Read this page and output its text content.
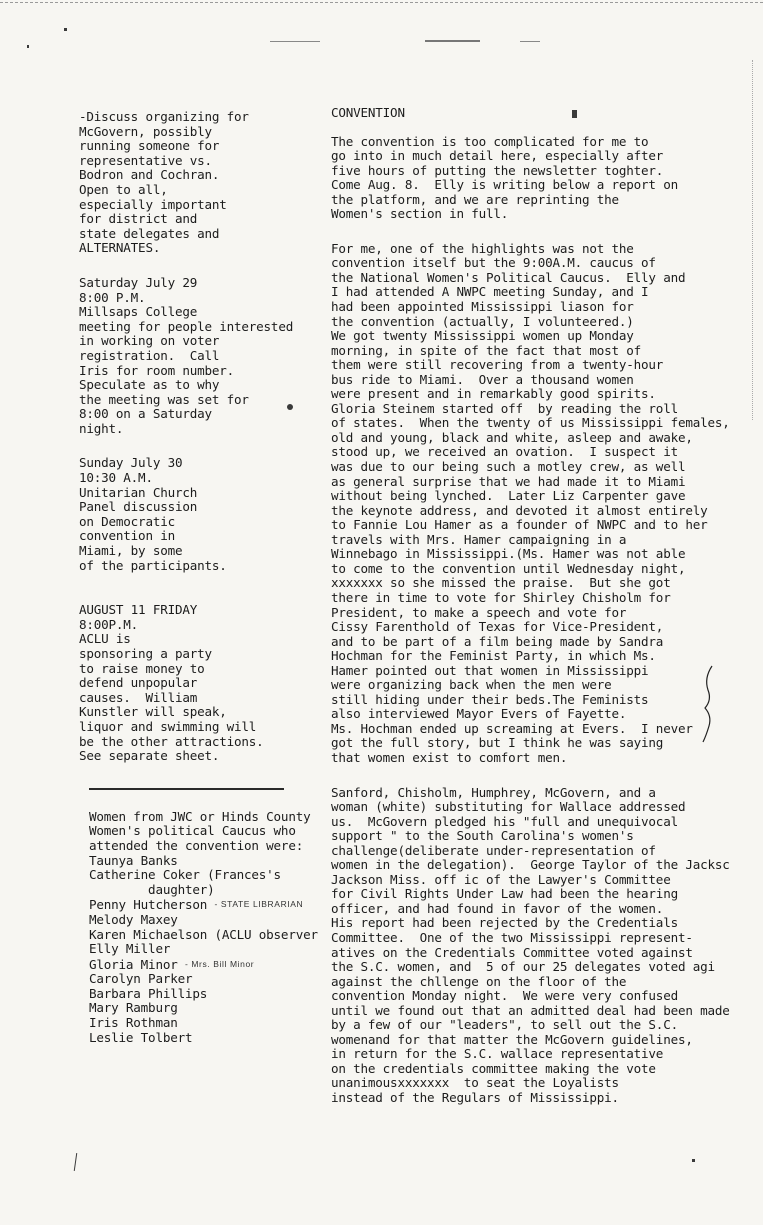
-Discuss organizing for
McGovern, possibly
running someone for
representative vs.
Bodron and Cochran.
Open to all,
especially important
for district and
state delegates and
ALTERNATES.
Saturday July 29
8:00 P.M.
Millsaps College
meeting for people interested
in working on voter
registration.  Call
Iris for room number.
Speculate as to why
the meeting was set for
8:00 on a Saturday
night.
Sunday July 30
10:30 A.M.
Unitarian Church
Panel discussion
on Democratic
convention in
Miami, by some
of the participants.
AUGUST 11 FRIDAY
8:00P.M.
ACLU is
sponsoring a party
to raise money to
defend unpopular
causes.  William
Kunstler will speak,
liquor and swimming will
be the other attractions.
See separate sheet.
Women from JWC or Hinds County
Women's political Caucus who
attended the convention were:
Taunya Banks
Catherine Coker (Frances's
daughter)
Penny Hutcherson - STATE LIBRARIAN
Melody Maxey
Karen Michaelson (ACLU observer
Elly Miller
Gloria Minor - Mrs. Bill Minor
Carolyn Parker
Barbara Phillips
Mary Ramburg
Iris Rothman
Leslie Tolbert
CONVENTION
The convention is too complicated for me to
go into in much detail here, especially after
five hours of putting the newsletter toghter.
Come Aug. 8.  Elly is writing below a report on
the platform, and we are reprinting the
Women's section in full.
For me, one of the highlights was not the
convention itself but the 9:00A.M. caucus of
the National Women's Political Caucus.  Elly and
I had attended A NWPC meeting Sunday, and I
had been appointed Mississippi liason for
the convention (actually, I volunteered.)
We got twenty Mississippi women up Monday
morning, in spite of the fact that most of
them were still recovering from a twenty-hour
bus ride to Miami.  Over a thousand women
were present and in remarkably good spirits.
Gloria Steinem started off  by reading the roll
of states.  When the twenty of us Mississippi females,
old and young, black and white, asleep and awake,
stood up, we received an ovation.  I suspect it
was due to our being such a motley crew, as well
as general surprise that we had made it to Miami
without being lynched.  Later Liz Carpenter gave
the keynote address, and devoted it almost entirely
to Fannie Lou Hamer as a founder of NWPC and to her
travels with Mrs. Hamer campaigning in a
Winnebago in Mississippi.(Ms. Hamer was not able
to come to the convention until Wednesday night,
xxxxxxx so she missed the praise.  But she got
there in time to vote for Shirley Chisholm for
President, to make a speech and vote for
Cissy Farenthold of Texas for Vice-President,
and to be part of a film being made by Sandra
Hochman for the Feminist Party, in which Ms.
Hamer pointed out that women in Mississippi
were organizing back when the men were
still hiding under their beds.The Feminists
also interviewed Mayor Evers of Fayette.
Ms. Hochman ended up screaming at Evers.  I never
got the full story, but I think he was saying
that women exist to comfort men.
Sanford, Chisholm, Humphrey, McGovern, and a
woman (white) substituting for Wallace addressed
us.  McGovern pledged his "full and unequivocal
support " to the South Carolina's women's
challenge(deliberate under-representation of
women in the delegation).  George Taylor of the Jacksc
Jackson Miss. off ic of the Lawyer's Committee
for Civil Rights Under Law had been the hearing
officer, and had found in favor of the women.
His report had been rejected by the Credentials
Committee.  One of the two Mississippi represent-
atives on the Credentials Committee voted against
the S.C. women, and  5 of our 25 delegates voted agi
against the chllenge on the floor of the
convention Monday night.  We were very confused
until we found out that an admitted deal had been made
by a few of our "leaders", to sell out the S.C.
womenand for that matter the McGovern guidelines,
in return for the S.C. wallace representative
on the credentials committee making the vote
unanimousxxxxxxx  to seat the Loyalists
instead of the Regulars of Mississippi.
